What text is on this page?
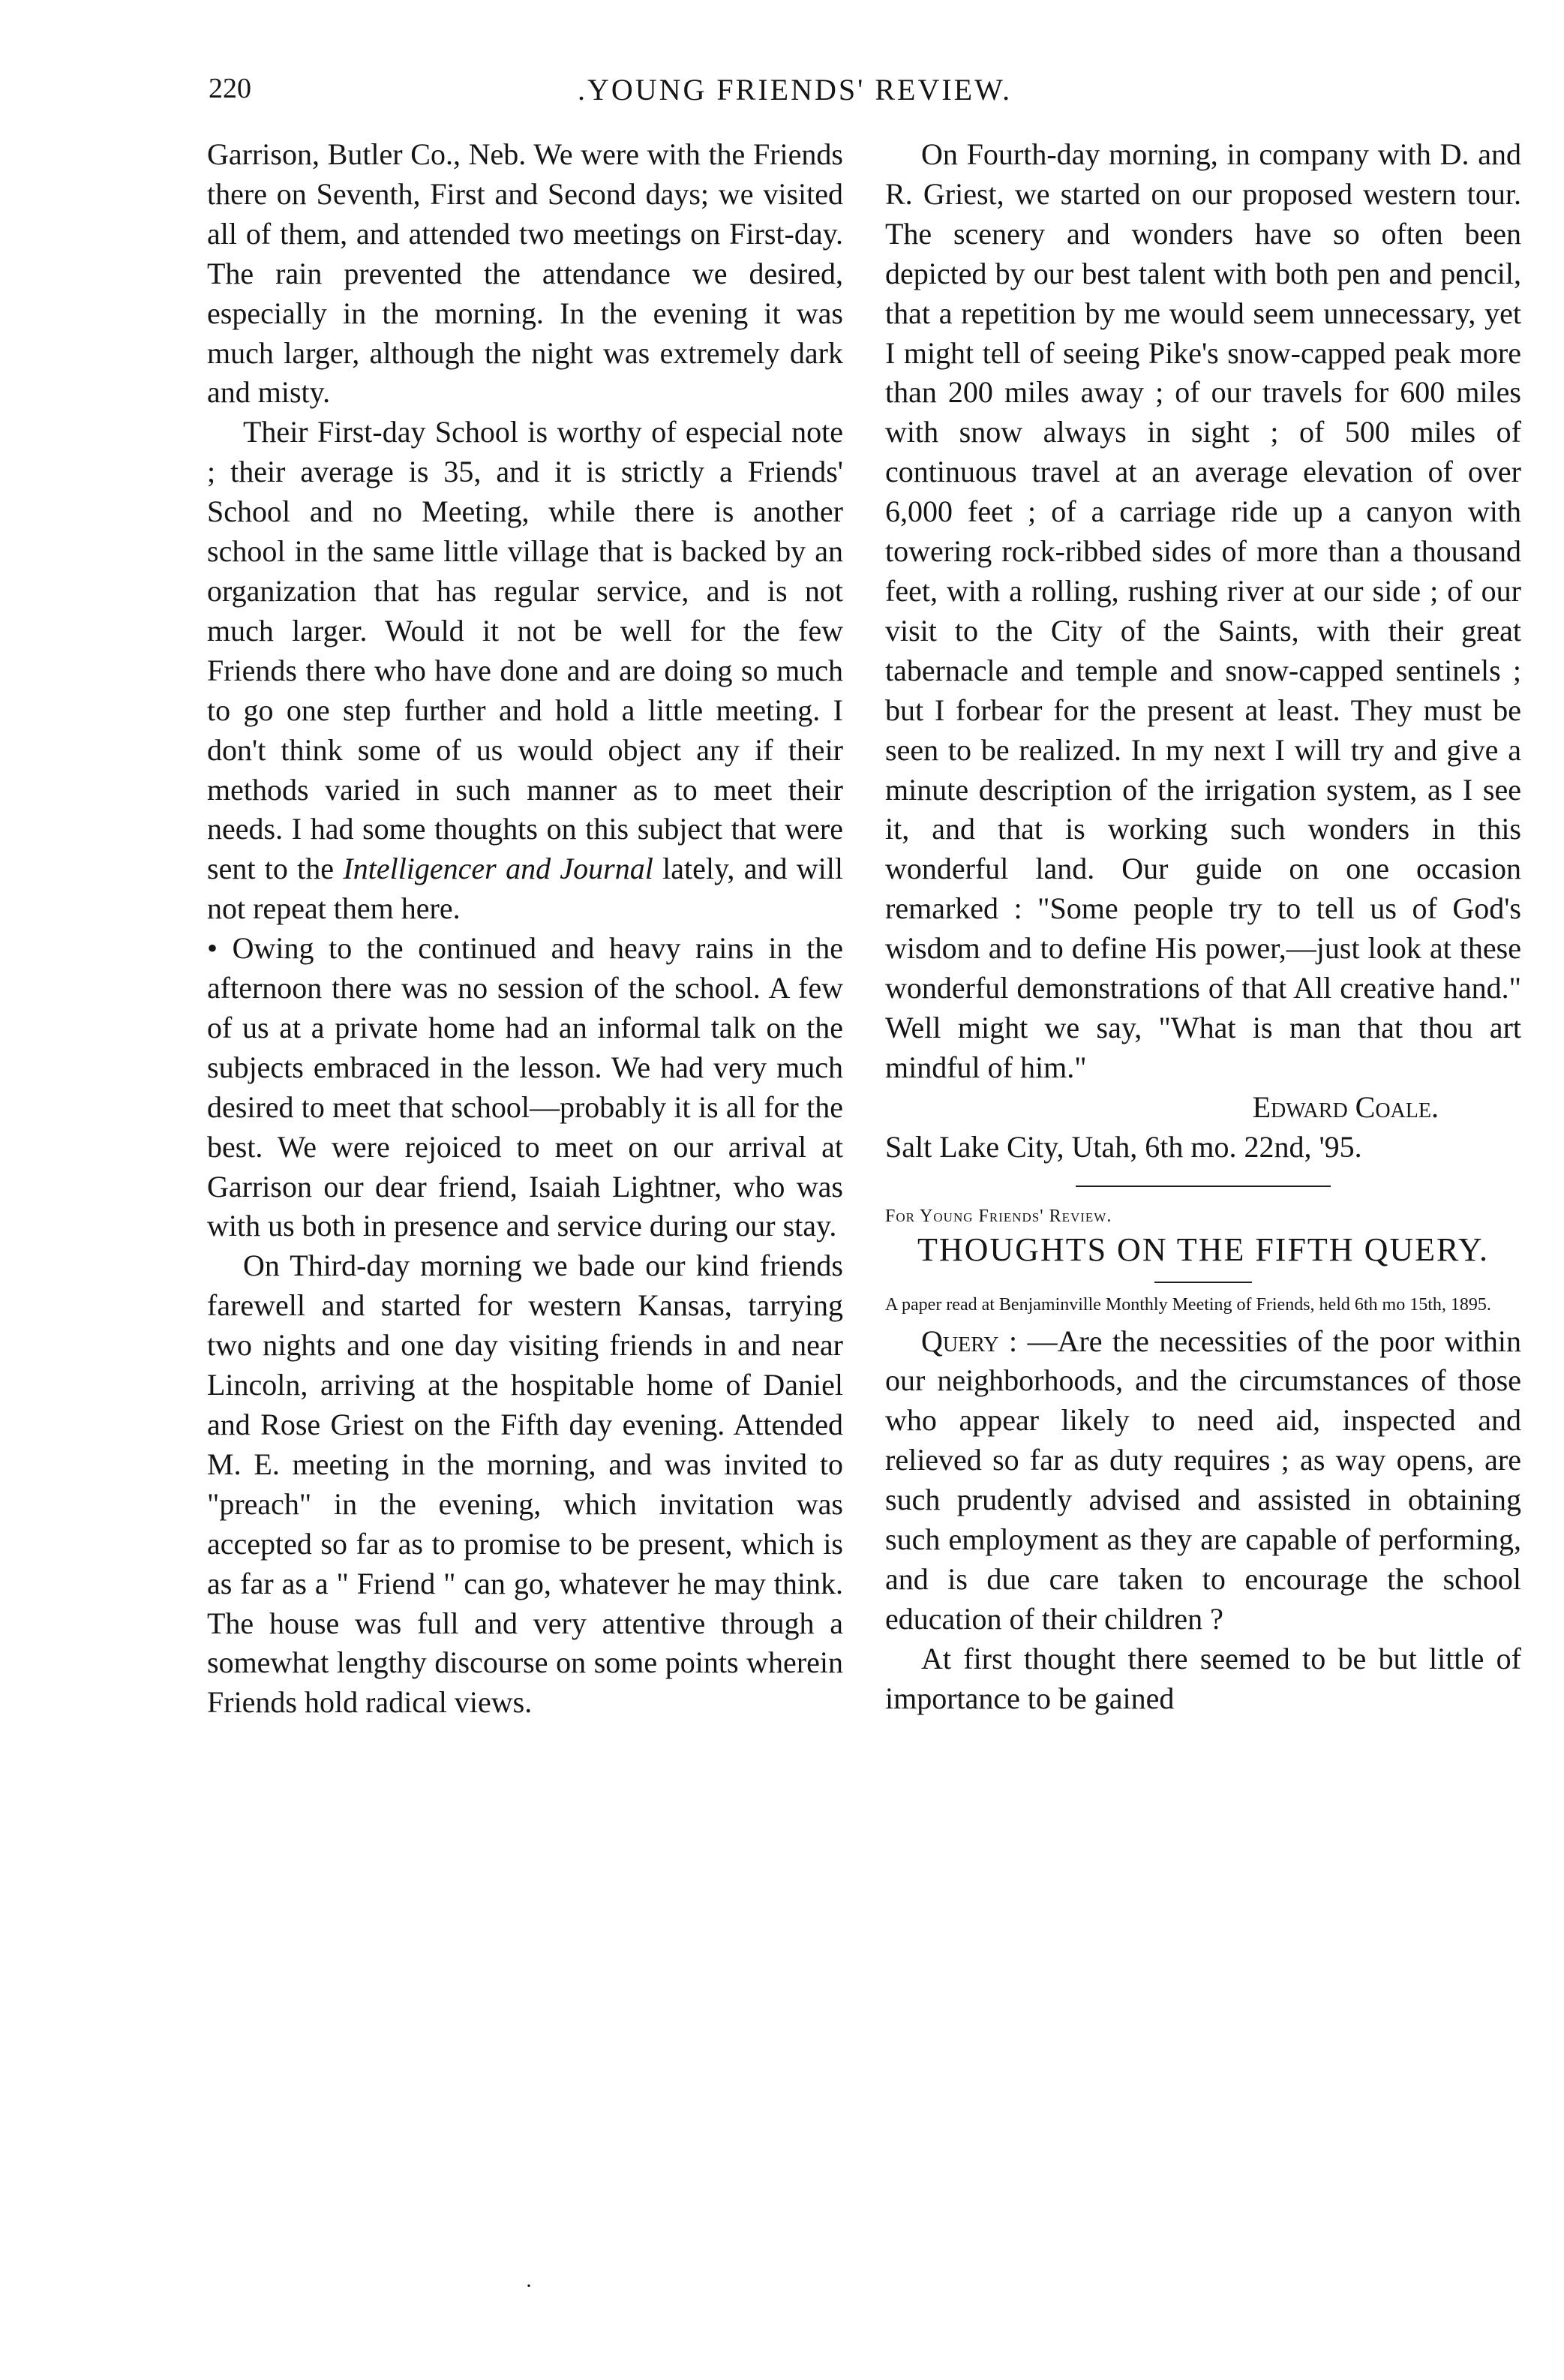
220	.YOUNG FRIENDS' REVIEW.

Garrison, Butler Co., Neb. We were with the Friends there on Seventh, First and Second days; we visited all of them, and attended two meetings on First-day. The rain prevented the attendance we desired, especially in the morning. In the evening it was much larger, although the night was extremely dark and misty.

Their First-day School is worthy of especial note ; their average is 35, and it is strictly a Friends' School and no Meeting, while there is another school in the same little village that is backed by an organization that has regular service, and is not much larger. Would it not be well for the few Friends there who have done and are doing so much to go one step further and hold a little meeting. I don't think some of us would object any if their methods varied in such manner as to meet their needs. I had some thoughts on this subject that were sent to the Intelligencer and Journal lately, and will not repeat them here.

• Owing to the continued and heavy rains in the afternoon there was no session of the school. A few of us at a private home had an informal talk on the subjects embraced in the lesson. We had very much desired to meet that school—probably it is all for the best. We were rejoiced to meet on our arrival at Garrison our dear friend, Isaiah Lightner, who was with us both in presence and service during our stay.

On Third-day morning we bade our kind friends farewell and started for western Kansas, tarrying two nights and one day visiting friends in and near Lincoln, arriving at the hospitable home of Daniel and Rose Griest on the Fifth day evening. Attended M. E. meeting in the morning, and was invited to "preach" in the evening, which invitation was accepted so far as to promise to be present, which is as far as a " Friend " can go, whatever he may think. The house was full and very attentive through a somewhat lengthy discourse on some points wherein Friends hold radical views.

On Fourth-day morning, in company with D. and R. Griest, we started on our proposed western tour. The scenery and wonders have so often been depicted by our best talent with both pen and pencil, that a repetition by me would seem unnecessary, yet I might tell of seeing Pike's snow-capped peak more than 200 miles away ; of our travels for 600 miles with snow always in sight ; of 500 miles of continuous travel at an average elevation of over 6,000 feet ; of a carriage ride up a canyon with towering rock-ribbed sides of more than a thousand feet, with a rolling, rushing river at our side ; of our visit to the City of the Saints, with their great tabernacle and temple and snow-capped sentinels ; but I forbear for the present at least. They must be seen to be realized. In my next I will try and give a minute description of the irrigation system, as I see it, and that is working such wonders in this wonderful land. Our guide on one occasion remarked : "Some people try to tell us of God's wisdom and to define His power,—just look at these wonderful demonstrations of that All creative hand." Well might we say, "What is man that thou art mindful of him."

Edward Coale.

Salt Lake City, Utah, 6th mo. 22nd, '95.

For Young Friends' Review.

THOUGHTS ON THE FIFTH QUERY.

A paper read at Benjaminville Monthly Meeting of Friends, held 6th mo 15th, 1895.

Query : —Are the necessities of the poor within our neighborhoods, and the circumstances of those who appear likely to need aid, inspected and relieved so far as duty requires ; as way opens, are such prudently advised and assisted in obtaining such employment as they are capable of performing, and is due care taken to encourage the school education of their children ?

At first thought there seemed to be but little of importance to be gained

·
